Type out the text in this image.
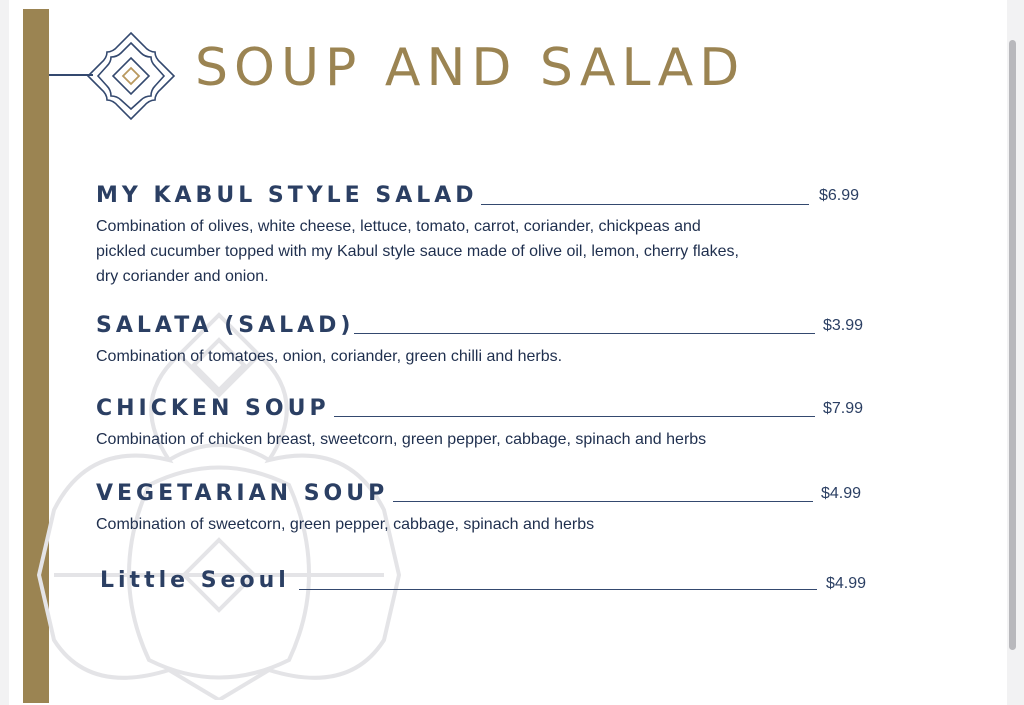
SOUP AND SALAD
MY KABUL STYLE SALAD	$6.99
Combination of olives, white cheese, lettuce, tomato, carrot, coriander, chickpeas and
pickled cucumber topped with my Kabul style sauce made of olive oil, lemon, cherry flakes,
dry coriander and onion.
SALATA (SALAD)	$3.99
Combination of tomatoes, onion, coriander, green chilli and herbs.
CHICKEN SOUP	$7.99
Combination of chicken breast, sweetcorn, green pepper, cabbage, spinach and herbs
VEGETARIAN SOUP	$4.99
Combination of sweetcorn, green pepper, cabbage, spinach and herbs
Little Seoul	$4.99
